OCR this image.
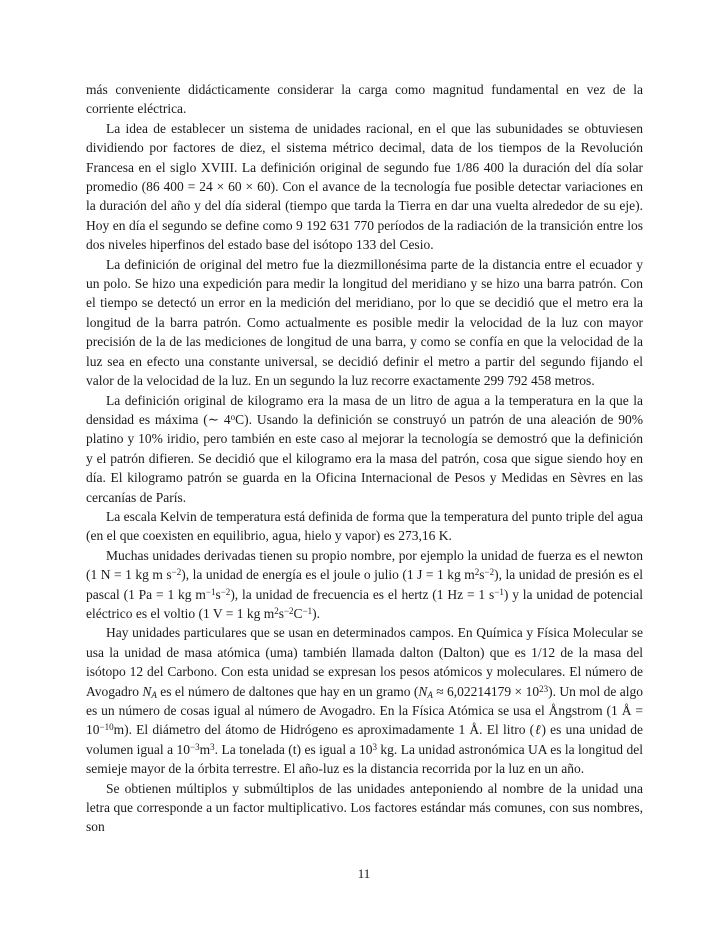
más conveniente didácticamente considerar la carga como magnitud fundamental en vez de la corriente eléctrica.

La idea de establecer un sistema de unidades racional, en el que las subunidades se obtuviesen dividiendo por factores de diez, el sistema métrico decimal, data de los tiempos de la Revolución Francesa en el siglo XVIII. La definición original de segundo fue 1/86 400 la duración del día solar promedio (86 400 = 24 × 60 × 60). Con el avance de la tecnología fue posible detectar variaciones en la duración del año y del día sideral (tiempo que tarda la Tierra en dar una vuelta alrededor de su eje). Hoy en día el segundo se define como 9 192 631 770 períodos de la radiación de la transición entre los dos niveles hiperfinos del estado base del isótopo 133 del Cesio.

La definición de original del metro fue la diezmillonésima parte de la distancia entre el ecuador y un polo. Se hizo una expedición para medir la longitud del meridiano y se hizo una barra patrón. Con el tiempo se detectó un error en la medición del meridiano, por lo que se decidió que el metro era la longitud de la barra patrón. Como actualmente es posible medir la velocidad de la luz con mayor precisión de la de las mediciones de longitud de una barra, y como se confía en que la velocidad de la luz sea en efecto una constante universal, se decidió definir el metro a partir del segundo fijando el valor de la velocidad de la luz. En un segundo la luz recorre exactamente 299 792 458 metros.

La definición original de kilogramo era la masa de un litro de agua a la temperatura en la que la densidad es máxima (∼ 4$^o$C). Usando la definición se construyó un patrón de una aleación de 90% platino y 10% iridio, pero también en este caso al mejorar la tecnología se demostró que la definición y el patrón difieren. Se decidió que el kilogramo era la masa del patrón, cosa que sigue siendo hoy en día. El kilogramo patrón se guarda en la Oficina Internacional de Pesos y Medidas en Sèvres en las cercanías de París.

La escala Kelvin de temperatura está definida de forma que la temperatura del punto triple del agua (en el que coexisten en equilibrio, agua, hielo y vapor) es 273,16 K.

Muchas unidades derivadas tienen su propio nombre, por ejemplo la unidad de fuerza es el newton (1 N = 1 kg m $s^{-2}$), la unidad de energía es el joule o julio (1 J = 1 kg $m^2s^{-2}$), la unidad de presión es el pascal (1 Pa = 1 kg $m^{-1}s^{-2}$), la unidad de frecuencia es el hertz (1 Hz = 1 $s^{-1}$) y la unidad de potencial eléctrico es el voltio (1 V = 1 kg $m^2s^{-2}C^{-1}$).

Hay unidades particulares que se usan en determinados campos. En Química y Física Molecular se usa la unidad de masa atómica (uma) también llamada dalton (Dalton) que es 1/12 de la masa del isótopo 12 del Carbono. Con esta unidad se expresan los pesos atómicos y moleculares. El número de Avogadro $N_A$ es el número de daltones que hay en un gramo $(N_A \approx 6,02214179 \times 10^{23})$. Un mol de algo es un número de cosas igual al número de Avogadro. En la Física Atómica se usa el Ångstrom (1 Å = $10^{-10}m$). El diámetro del átomo de Hidrógeno es aproximadamente 1 Å. El litro (ℓ) es una unidad de volumen igual a $10^{-3}m^3$. La tonelada (t) es igual a $10^3$ kg. La unidad astronómica UA es la longitud del semieje mayor de la órbita terrestre. El año-luz es la distancia recorrida por la luz en un año.

Se obtienen múltiplos y submúltiplos de las unidades anteponiendo al nombre de la unidad una letra que corresponde a un factor multiplicativo. Los factores estándar más comunes, con sus nombres, son

11
